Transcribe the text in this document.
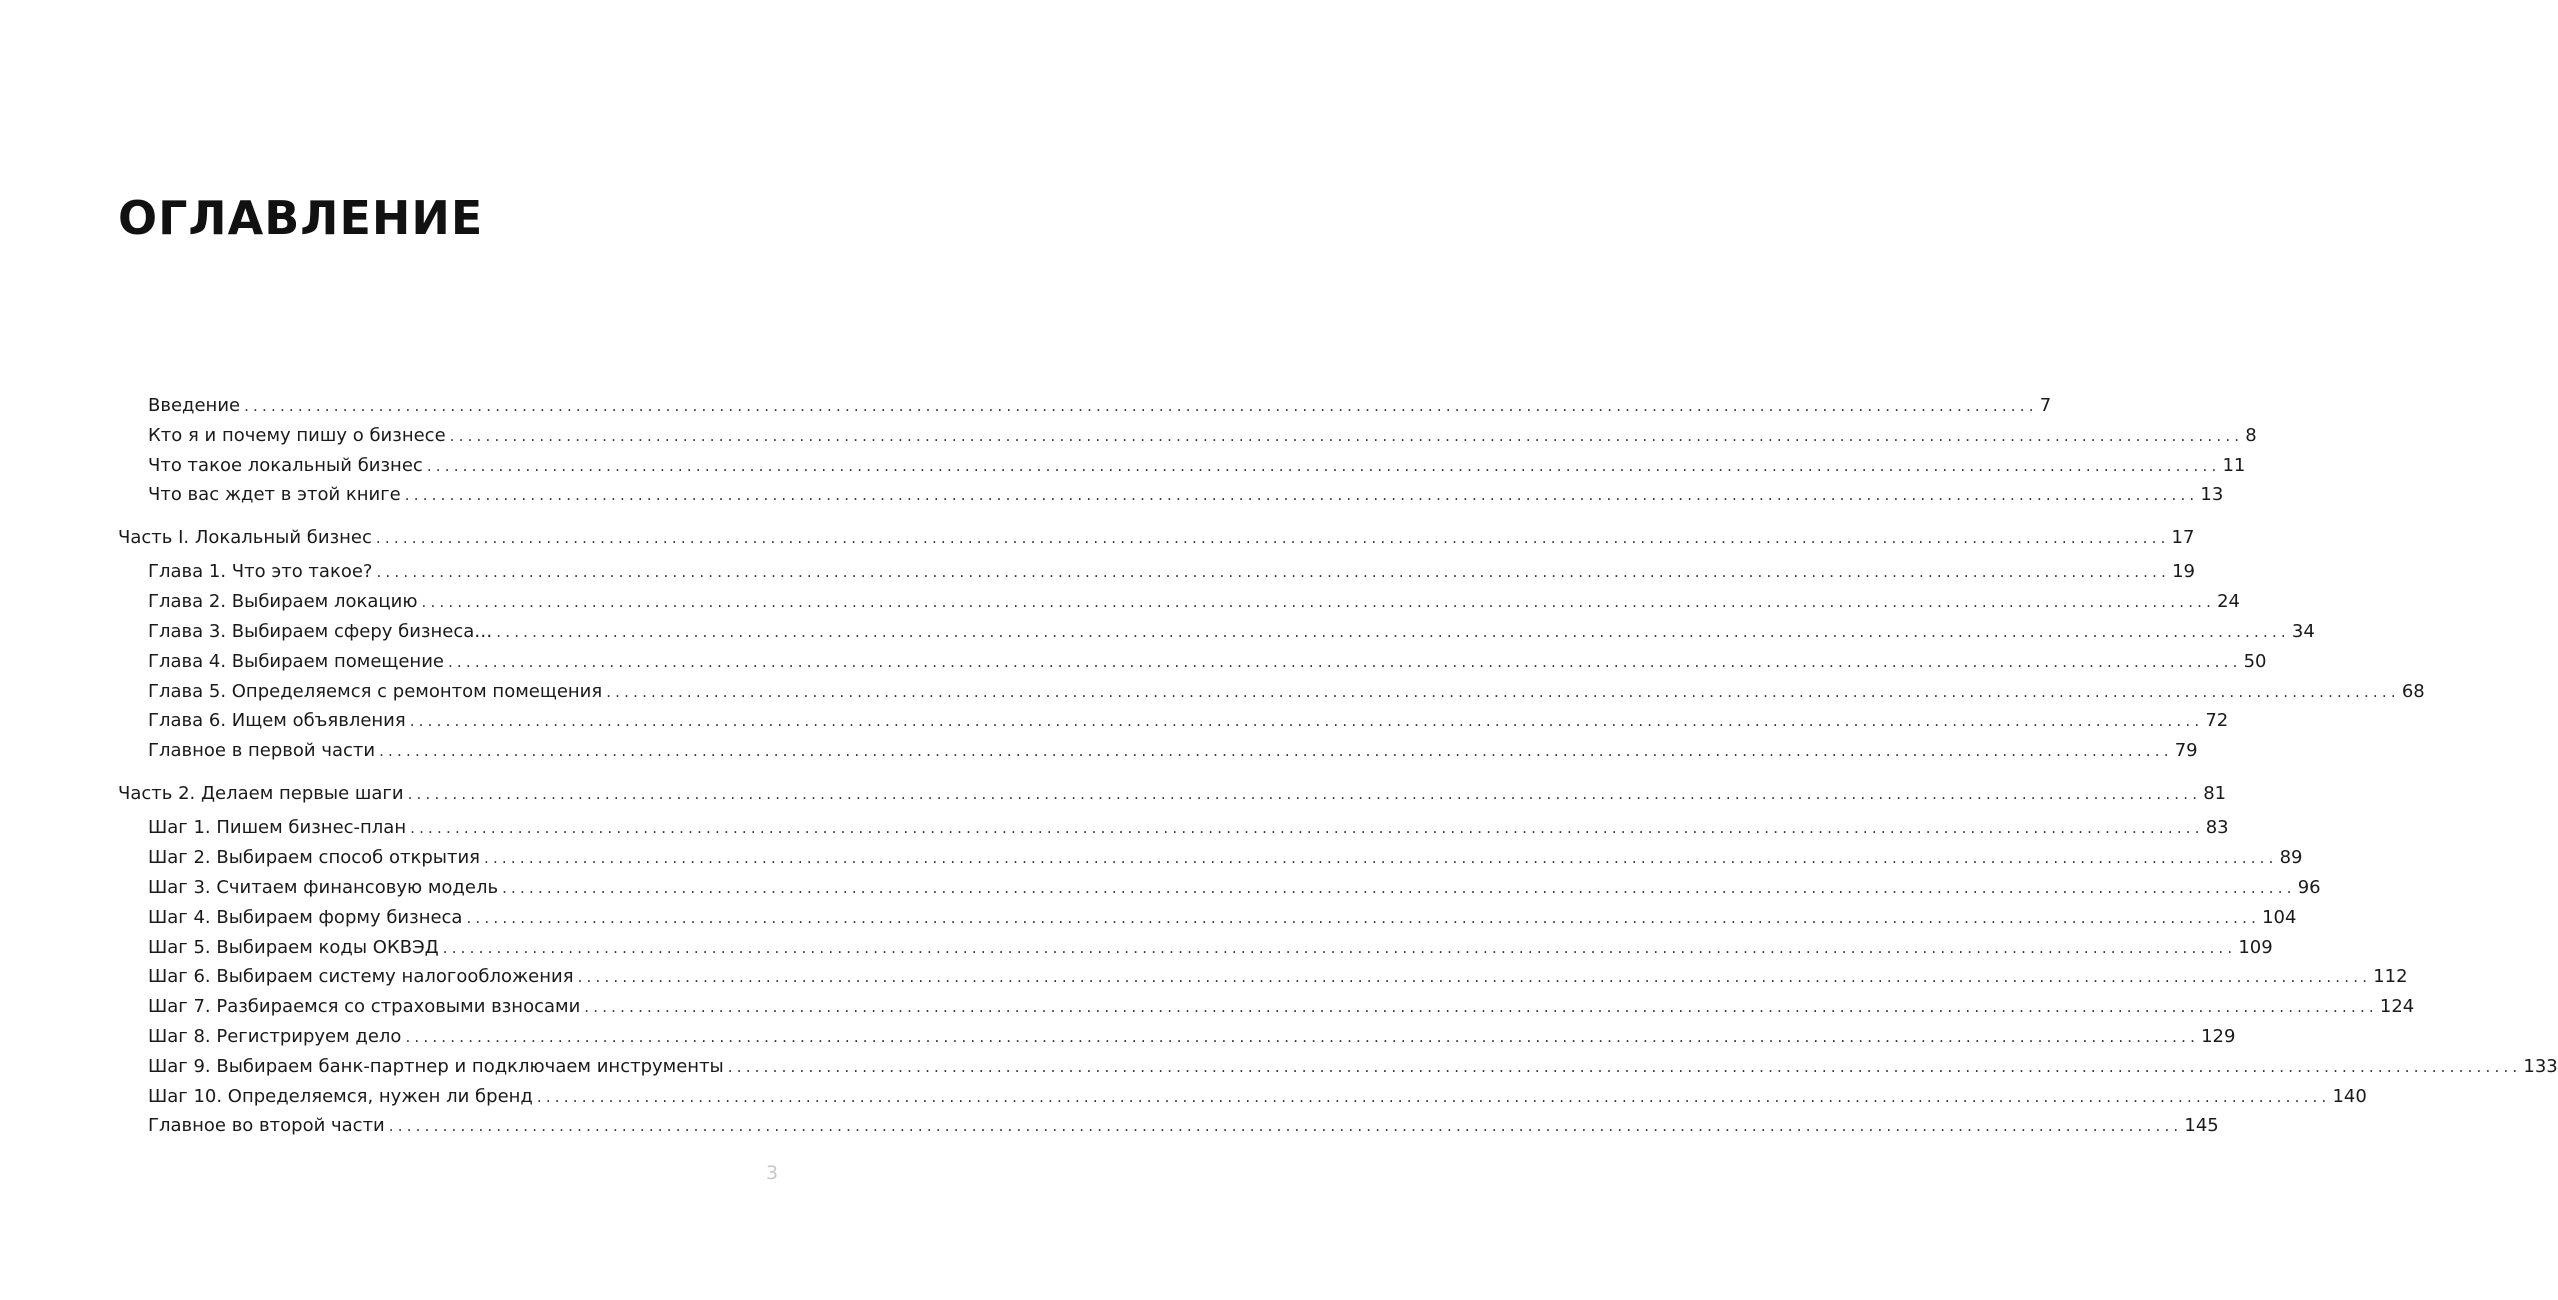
ОГЛАВЛЕНИЕ
Введение ........................................................................................................................................................................................................ 7
Кто я и почему пишу о бизнесе ........................................................................................................................................................................................................ 8
Что такое локальный бизнес ........................................................................................................................................................................................................ 11
Что вас ждет в этой книге ........................................................................................................................................................................................................ 13
Часть I. Локальный бизнес ........................................................................................................................................................................................................ 17
Глава 1. Что это такое? ........................................................................................................................................................................................................ 19
Глава 2. Выбираем локацию ........................................................................................................................................................................................................ 24
Глава 3. Выбираем сферу бизнеса… ........................................................................................................................................................................................................ 34
Глава 4. Выбираем помещение ........................................................................................................................................................................................................ 50
Глава 5. Определяемся с ремонтом помещения ........................................................................................................................................................................................................ 68
Глава 6. Ищем объявления ........................................................................................................................................................................................................ 72
Главное в первой части ........................................................................................................................................................................................................ 79
Часть 2. Делаем первые шаги ........................................................................................................................................................................................................ 81
Шаг 1. Пишем бизнес-план ........................................................................................................................................................................................................ 83
Шаг 2. Выбираем способ открытия ........................................................................................................................................................................................................ 89
Шаг 3. Считаем финансовую модель ........................................................................................................................................................................................................ 96
Шаг 4. Выбираем форму бизнеса ........................................................................................................................................................................................................ 104
Шаг 5. Выбираем коды ОКВЭД ........................................................................................................................................................................................................ 109
Шаг 6. Выбираем систему налогообложения ........................................................................................................................................................................................................ 112
Шаг 7. Разбираемся со страховыми взносами ........................................................................................................................................................................................................ 124
Шаг 8. Регистрируем дело ........................................................................................................................................................................................................ 129
Шаг 9. Выбираем банк-партнер и подключаем инструменты ........................................................................................................................................................................................................ 133
Шаг 10. Определяемся, нужен ли бренд ........................................................................................................................................................................................................ 140
Главное во второй части ........................................................................................................................................................................................................ 145
3
